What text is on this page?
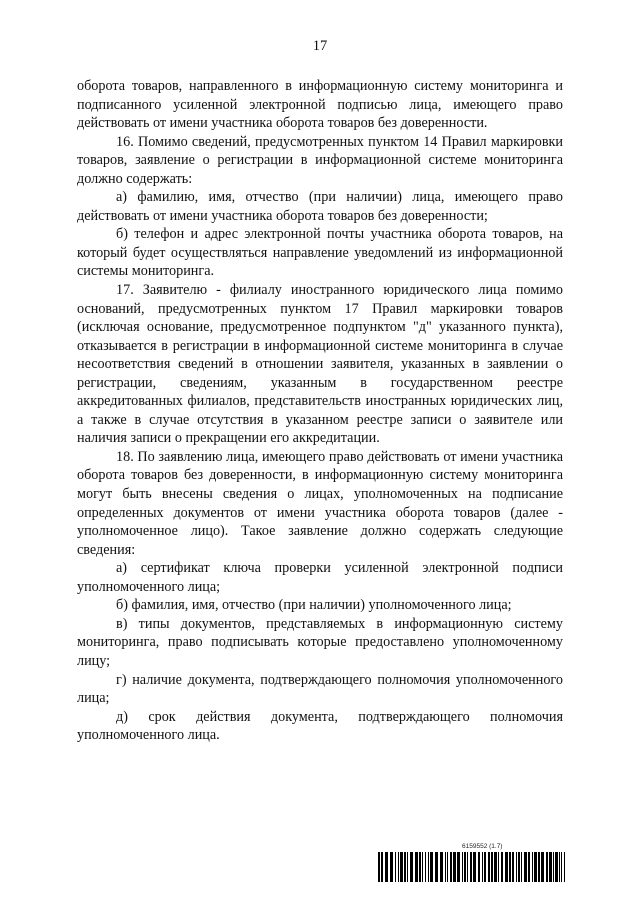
17

оборота товаров, направленного в информационную систему мониторинга и подписанного усиленной электронной подписью лица, имеющего право действовать от имени участника оборота товаров без доверенности.

16. Помимо сведений, предусмотренных пунктом 14 Правил маркировки товаров, заявление о регистрации в информационной системе мониторинга должно содержать:

а) фамилию, имя, отчество (при наличии) лица, имеющего право действовать от имени участника оборота товаров без доверенности;

б) телефон и адрес электронной почты участника оборота товаров, на который будет осуществляться направление уведомлений из информационной системы мониторинга.

17. Заявителю - филиалу иностранного юридического лица помимо оснований, предусмотренных пунктом 17 Правил маркировки товаров (исключая основание, предусмотренное подпунктом "д" указанного пункта), отказывается в регистрации в информационной системе мониторинга в случае несоответствия сведений в отношении заявителя, указанных в заявлении о регистрации, сведениям, указанным в государственном реестре аккредитованных филиалов, представительств иностранных юридических лиц, а также в случае отсутствия в указанном реестре записи о заявителе или наличия записи о прекращении его аккредитации.

18. По заявлению лица, имеющего право действовать от имени участника оборота товаров без доверенности, в информационную систему мониторинга могут быть внесены сведения о лицах, уполномоченных на подписание определенных документов от имени участника оборота товаров (далее - уполномоченное лицо). Такое заявление должно содержать следующие сведения:

а) сертификат ключа проверки усиленной электронной подписи уполномоченного лица;

б) фамилия, имя, отчество (при наличии) уполномоченного лица;

в) типы документов, представляемых в информационную систему мониторинга, право подписывать которые предоставлено уполномоченному лицу;

г) наличие документа, подтверждающего полномочия уполномоченного лица;

д) срок действия документа, подтверждающего полномочия уполномоченного лица.

6159552 (1.7)
